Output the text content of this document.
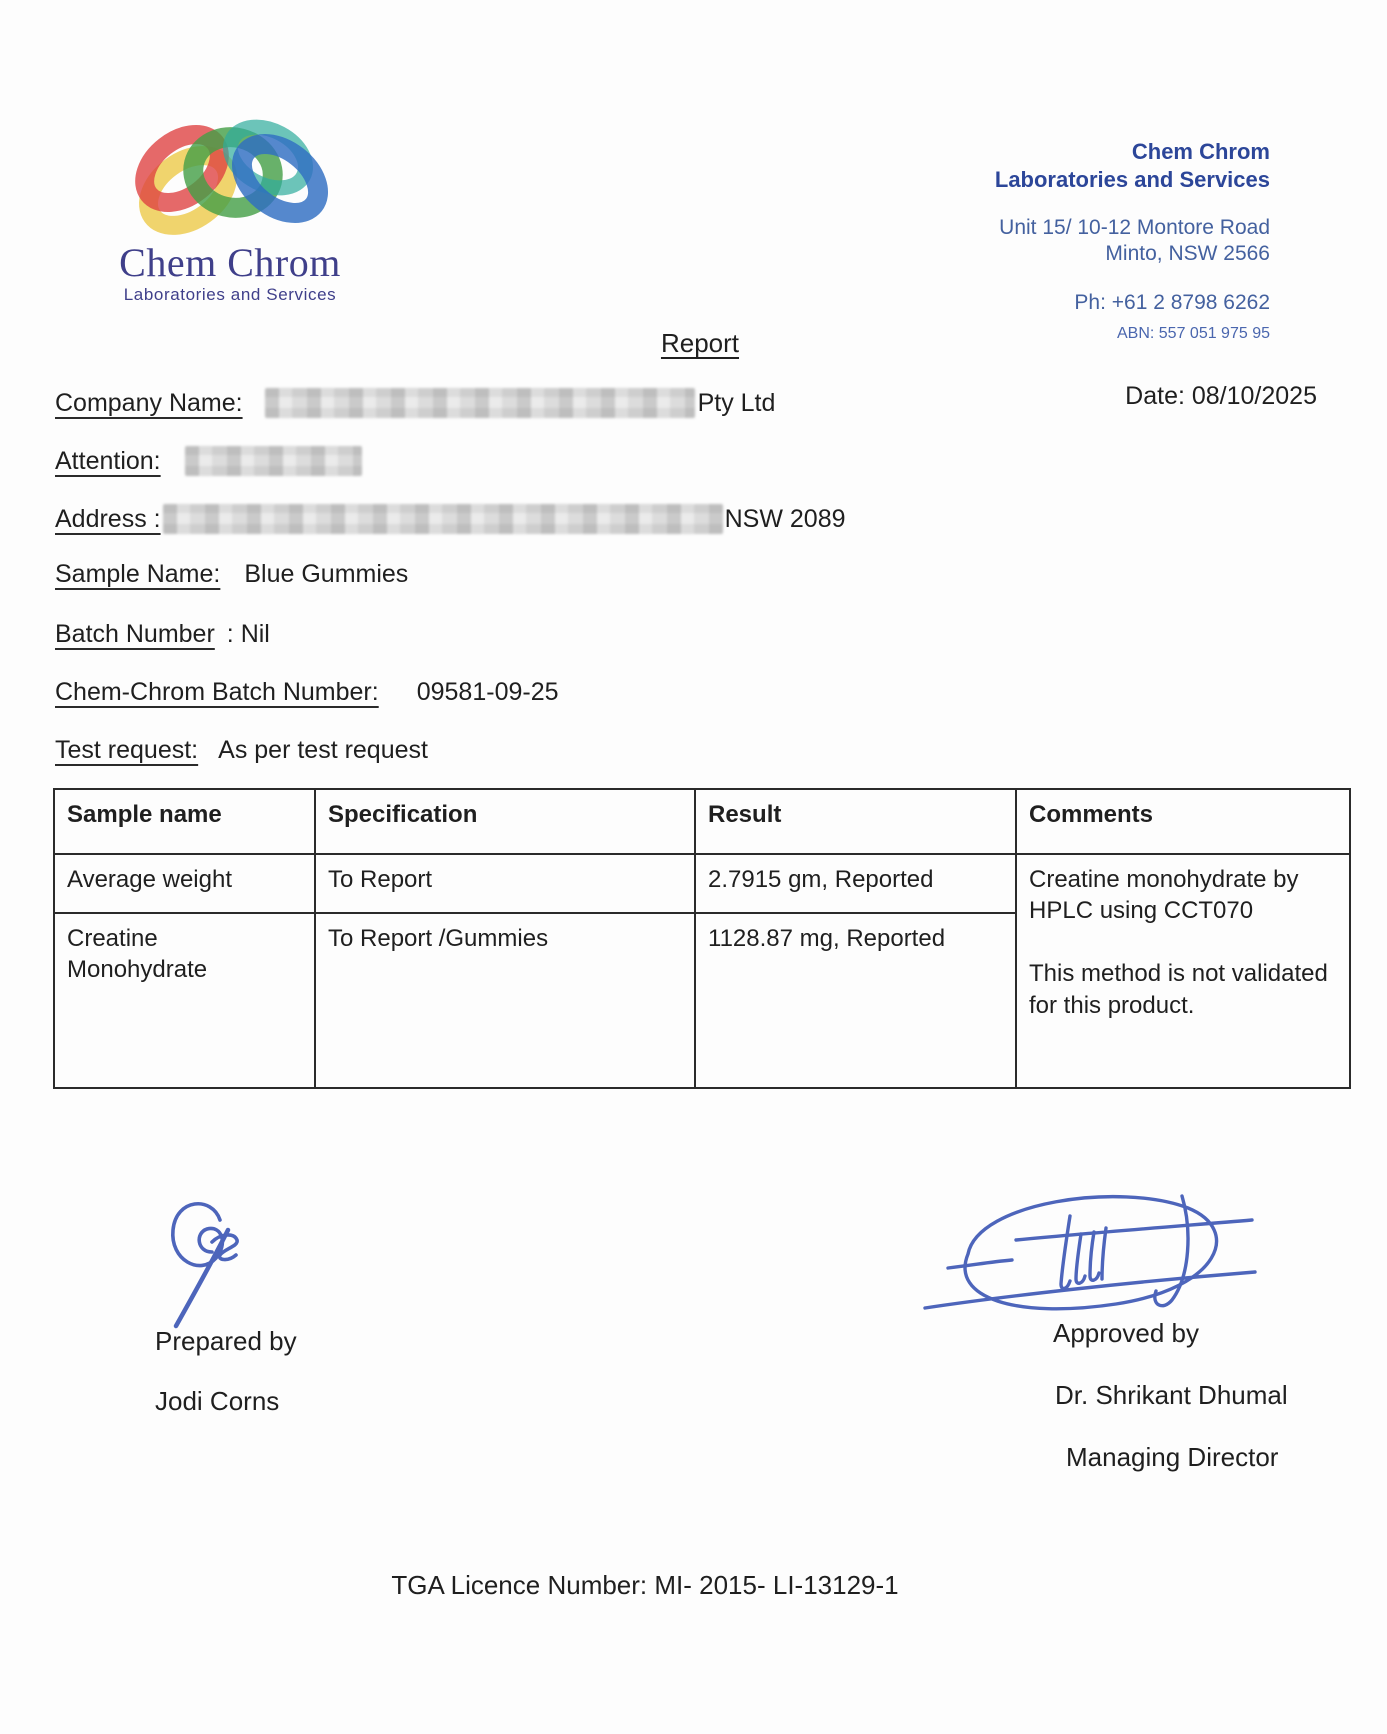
Chem Chrom
Laboratories and Services
Chem Chrom
Laboratories and Services
Unit 15/ 10-12 Montore Road
Minto, NSW 2566
Ph: +61 2 8798 6262
ABN: 557 051 975 95
Report
Date: 08/10/2025
Company Name:	Pty Ltd
Attention:
Address :	NSW 2089
Sample Name: Blue Gummies
Batch Number : Nil
Chem-Chrom Batch Number: 09581-09-25
Test request: As per test request
Sample name	Specification	Result	Comments
Average weight	To Report	2.7915 gm, Reported	Creatine monohydrate by HPLC using CCT070
This method is not validated for this product.

Creatine Monohydrate	To Report /Gummies	1128.87 mg, Reported	
Prepared by
Jodi Corns
Approved by
Dr. Shrikant Dhumal
Managing Director
TGA Licence Number: MI- 2015- LI-13129-1
